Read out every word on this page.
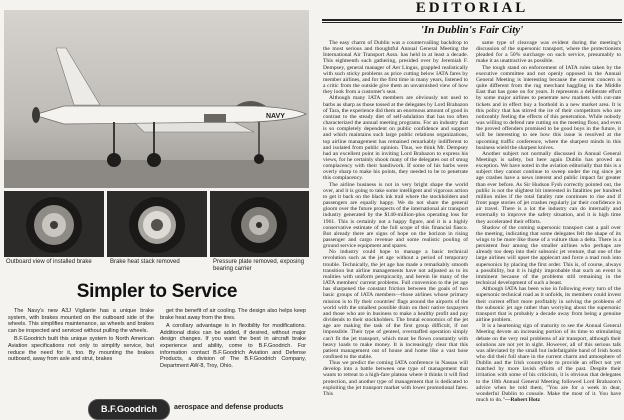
NAVY
Outboard view of installed brake	Brake heat stack removed	Pressure plate removed, exposing bearing carrier
Simpler to Service

The Navy's new A3J Vigilante has a unique brake system, with brakes mounted on the outboard side of the wheels. This simplifies maintenance, as wheels and brakes can be inspected and serviced without pulling the wheels.

B.F.Goodrich built this unique system to North American Aviation specifications not only to simplify service, but reduce the need for it, too. By mounting the brakes outboard, away from axle and strut, brakes

get the benefit of air cooling. The design also helps keep brake heat away from the tires.

A corollary advantage is in flexibility for modifications. Additional disks can be added, if desired, without major design changes. If you want the best in aircraft brake experience and ability, come to B.F.Goodrich. For information contact B.F.Goodrich Aviation and Defense Products, a division of The B.F.Goodrich Company, Department AW-8, Troy, Ohio.

B.F.Goodrich	aerospace and defense products
EDITORIAL
'In Dublin's Fair City'

The easy charm of Dublin was a countervailing backdrop to the most serious and thoughtful Annual General Meeting the International Air Transport Assn. has held in at least a decade. This eighteenth such gathering, presided over by Jeremiah F. Dempsey, general manager of Aer Lingus, grappled realistically with such sticky problems as price cutting below IATA fares by member airlines, and for the first time in many years, listened to a critic from the outside give them an unvarnished view of how they look from a customer's seat.

Although many IATA members are obviously not used to barbs as sharp as those tossed at the delegates by Lord Brabazon of Tara, the experience did them an enormous amount of good in contrast to the steady diet of self-adulation that has too often characterized the annual meeting programs. For an industry that is so completely dependent on public confidence and support and which maintains such large public relations organizations, top airline management has remained remarkably indifferent to and isolated from public opinion. Thus, we think Mr. Dempsey had an excellent point in inviting Lord Brabazon to express his views, for he certainly shook many of the delegates out of smug complacency with their handiwork. If some of his barbs were overly sharp to make his points, they needed to be to penetrate this complacency.

The airline business is not in very bright shape the world over, and it is going to take some intelligent and vigorous action to get it back on the black ink trail where the stockholders and passengers are equally happy. We do not share the general gloom over the future prospects of the international air transport industry generated by the $140-million-plus operating loss for 1961. This is certainly not a happy figure, and it is a highly conservative estimate of the full scope of this financial fiasco. But already there are signs of hope on the horizon in rising passenger and cargo revenue and some realistic pooling of ground service equipment and spares.

No industry could hope to manage a basic technical revolution such as the jet age without a period of temporary trouble. Technically, the jet age has made a remarkably smooth transition but airline managements have not adjusted as to its realities with uniform perspicacity, and herein lie many of the IATA members' current problems. Full conversion to the jet age has sharpened the constant friction between the goals of two basic groups of IATA members—those airlines whose primary mission is to fly their countries' flags around the airports of the world with the smallest possible drain on their native taxpayers and those who are in business to make a healthy profit and pay dividends to their stockholders. The brutal economics of the jet age are making the task of the first group difficult, if not impossible. Their type of genteel, overstaffed operation simply can't fit the jet transport, which must be flown constantly with heavy loads to make money. It is increasingly clear that this patient management out of house and home like a vast hose confined to the stable.

Thus we predict the coming IATA conference in Nassau will develop into a battle between one type of management that wants to retreat to a high-fare plateau where it thinks it will find protection, and another type of management that is dedicated to exploiting the jet transport market with lower promotional fares. This

same type of cleavage was evident during the meeting's discussion of the supersonic transport, where the protectionists pleaded for a 50% surcharge on such service, presumably to make it as unattractive as possible.

The tough stand on enforcement of IATA rules taken by the executive committee and not openly opposed in the Annual General Meeting is interesting because the current concern is quite different from the rug merchant haggling in the Middle East that has gone on for years. It represents a deliberate effort by some major airlines to penetrate new markets with cut-rate tickets and in effect buy a foothold in a new market area. It is this policy that has stirred the ire of their competitors who are noticeably feeling the effects of this penetration. While nobody was willing to defend rate cutting on the meeting floor, and even the proved offenders promised to be good boys in the future, it will be interesting to see how this issue is resolved at the upcoming traffic conference, where the sharpest minds in this business wield the sharpest knives.

Another subject not normally discussed in Annual General Meetings is safety, but here again Dublin has proved an exception. We have noted in the aviation editorially that this is a subject they cannot continue to sweep under the rug since jet age crashes have a news interest and public impact far greater than ever before. As Sir Hudson Fysh correctly pointed out, the public is not the slightest bit interested in fatalities per hundred million miles if the total fatality rate continues to rise and if front page stories of jet crashes regularly jar their confidence in air travel. There is a lot the industry can do internally and externally to improve the safety situation, and it is high time they accelerated their efforts.

Shadow of the coming supersonic transport cast a pall over the meeting, indicating that some delegates felt the shape of its wings to be more like those of a vulture than a delta. There is a persistent fear among the smaller airlines who perhaps are already too deep into their subsonic jet venture, that one of the large airlines will upset the applecart and force a mad rush into supersonics by placing the first order. This is, of course, always a possibility, but it is highly improbable that such an event is imminent because of the problems still remaining in the technical development of such a beast.

Although IATA has been wise in following every turn of the supersonic technical road as it unfolds, its members could invest their current effort more profitably in solving the problems of the subsonic jet age rather than worrying about the supersonic transport that is probably a decade away from being a genuine airline problem.

It is a heartening sign of maturity to see the Annual General Meeting devote an increasing portion of its time to stimulating debate on the very real problems of air transport, although their solutions are not yet in sight. However, all of this serious talk was alleviated by the small but indefatigable band of Irish hosts who did their full share in the current charm and atmosphere of Dublin and the Irish countryside to provide an effect not yet matched by more lavish efforts of the past. Despite their irritation with some of his criticism, it is obvious that delegates to the 18th Annual General Meeting followed Lord Brabazon's advice when he told them, "You are for a week in dear, wonderful Dublin to console. Make the most of it. You have much to do."—Robert Hotz
